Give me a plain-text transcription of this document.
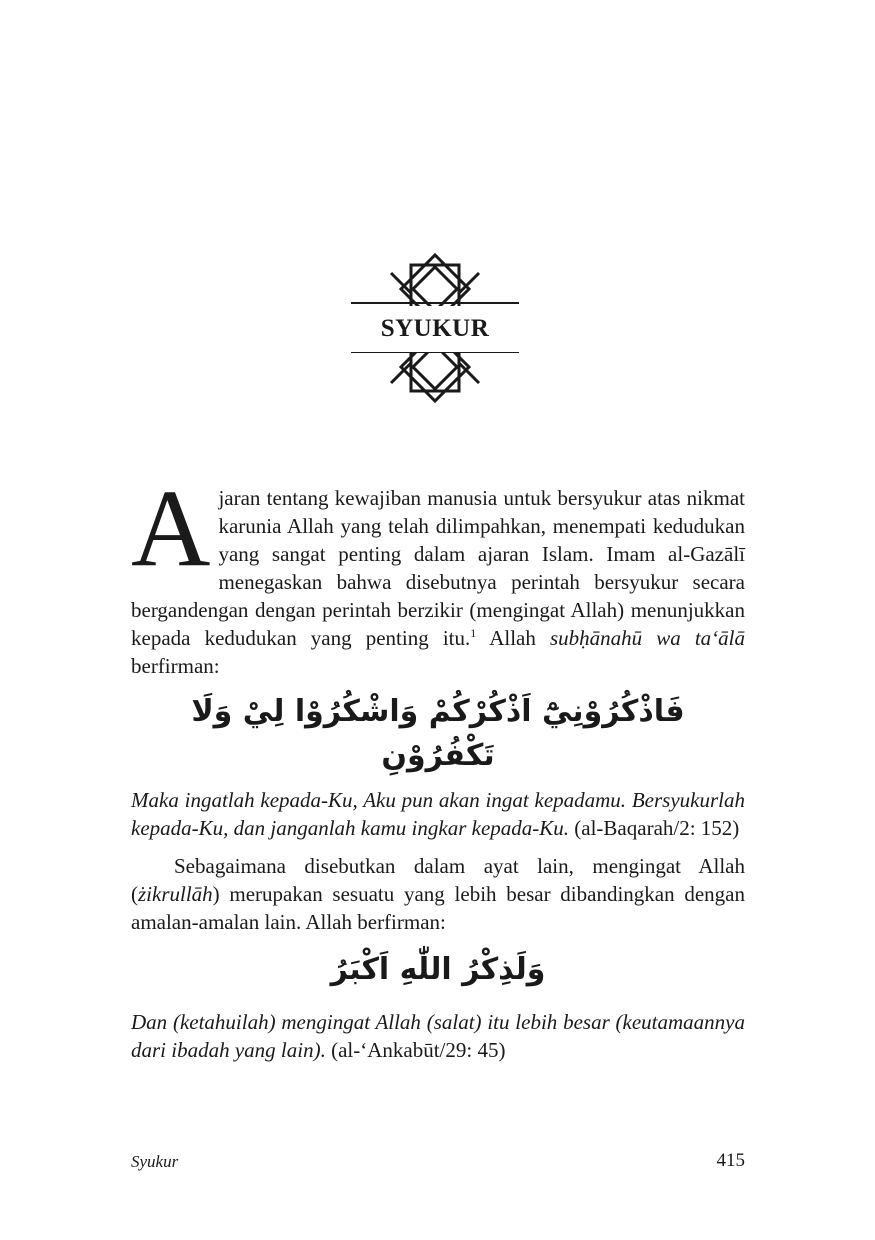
SYUKUR

Ajaran tentang kewajiban manusia untuk bersyukur atas nikmat karunia Allah yang telah dilimpahkan, menempati kedudukan yang sangat penting dalam ajaran Islam. Imam al-Gazālī menegaskan bahwa disebutnya perintah bersyukur secara bergandengan dengan perintah berzikir (mengingat Allah) menunjukkan kepada kedudukan yang penting itu.$^1$ Allah subḥānahū wa ta‘ālā berfirman:

فَاذْكُرُوْنِيْٓ اَذْكُرْكُمْ وَاشْكُرُوْا لِيْ وَلَا تَكْفُرُوْنِ

Maka ingatlah kepada-Ku, Aku pun akan ingat kepadamu. Bersyukurlah kepada-Ku, dan janganlah kamu ingkar kepada-Ku. (al-Baqarah/2: 152)

Sebagaimana disebutkan dalam ayat lain, mengingat Allah (żikrullāh) merupakan sesuatu yang lebih besar dibandingkan dengan amalan-amalan lain. Allah berfirman:

وَلَذِكْرُ اللّٰهِ اَكْبَرُ

Dan (ketahuilah) mengingat Allah (salat) itu lebih besar (keutamaannya dari ibadah yang lain). (al-‘Ankabūt/29: 45)

Syukur	415
